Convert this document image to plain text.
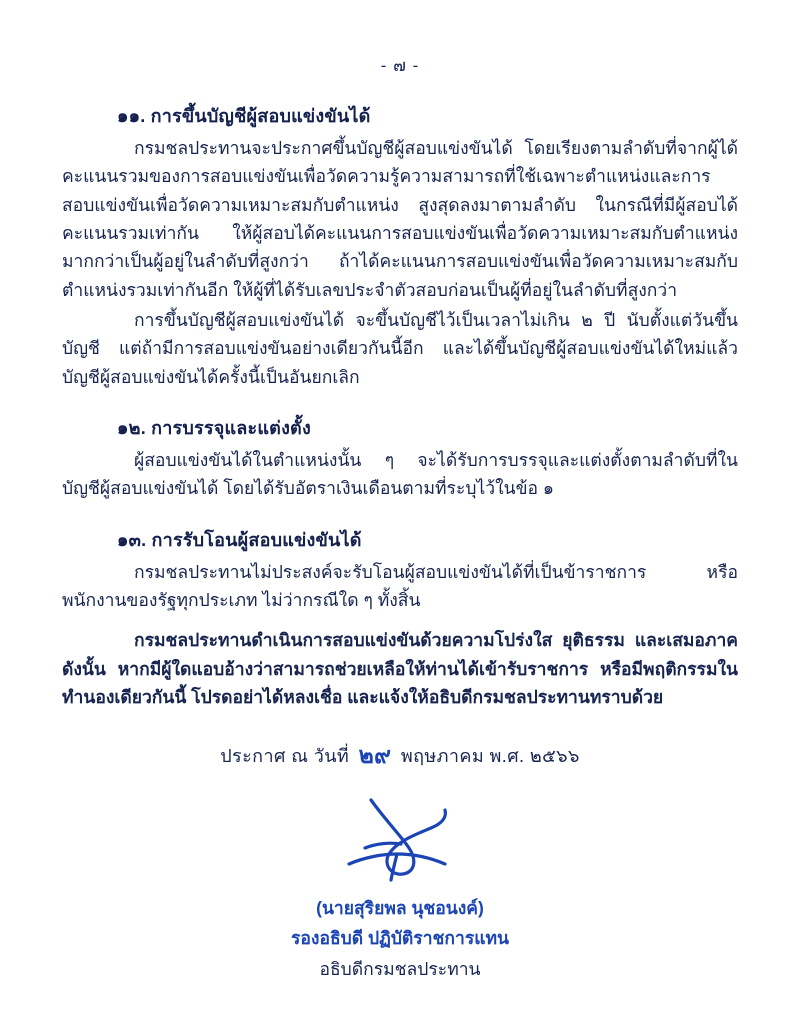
- ๗ -
๑๑. การขึ้นบัญชีผู้สอบแข่งขันได้

กรมชลประทานจะประกาศขึ้นบัญชีผู้สอบแข่งขันได้ โดยเรียงตามลำดับที่จากผู้ได้คะแนนรวมของการสอบแข่งขันเพื่อวัดความรู้ความสามารถที่ใช้เฉพาะตำแหน่งและการสอบแข่งขันเพื่อวัดความเหมาะสมกับตำแหน่ง สูงสุดลงมาตามลำดับ ในกรณีที่มีผู้สอบได้คะแนนรวมเท่ากัน ให้ผู้สอบได้คะแนนการสอบแข่งขันเพื่อวัดความเหมาะสมกับตำแหน่งมากกว่าเป็นผู้อยู่ในลำดับที่สูงกว่า ถ้าได้คะแนนการสอบแข่งขันเพื่อวัดความเหมาะสมกับตำแหน่งรวมเท่ากันอีก ให้ผู้ที่ได้รับเลขประจำตัวสอบก่อนเป็นผู้ที่อยู่ในลำดับที่สูงกว่า

การขึ้นบัญชีผู้สอบแข่งขันได้ จะขึ้นบัญชีไว้เป็นเวลาไม่เกิน ๒ ปี นับตั้งแต่วันขึ้นบัญชี แต่ถ้ามีการสอบแข่งขันอย่างเดียวกันนี้อีก และได้ขึ้นบัญชีผู้สอบแข่งขันได้ใหม่แล้ว บัญชีผู้สอบแข่งขันได้ครั้งนี้เป็นอันยกเลิก

๑๒. การบรรจุและแต่งตั้ง

ผู้สอบแข่งขันได้ในตำแหน่งนั้น ๆ จะได้รับการบรรจุและแต่งตั้งตามลำดับที่ในบัญชีผู้สอบแข่งขันได้ โดยได้รับอัตราเงินเดือนตามที่ระบุไว้ในข้อ ๑

๑๓. การรับโอนผู้สอบแข่งขันได้

กรมชลประทานไม่ประสงค์จะรับโอนผู้สอบแข่งขันได้ที่เป็นข้าราชการ หรือ พนักงานของรัฐทุกประเภท ไม่ว่ากรณีใด ๆ ทั้งสิ้น

กรมชลประทานดำเนินการสอบแข่งขันด้วยความโปร่งใส ยุติธรรม และเสมอภาค ดังนั้น หากมีผู้ใดแอบอ้างว่าสามารถช่วยเหลือให้ท่านได้เข้ารับราชการ หรือมีพฤติกรรมในทำนองเดียวกันนี้ โปรดอย่าได้หลงเชื่อ และแจ้งให้อธิบดีกรมชลประทานทราบด้วย

ประกาศ ณ วันที่ ๒๙ พฤษภาคม พ.ศ. ๒๕๖๖
(นายสุริยพล นุชอนงค์)
รองอธิบดี ปฏิบัติราชการแทน
อธิบดีกรมชลประทาน
